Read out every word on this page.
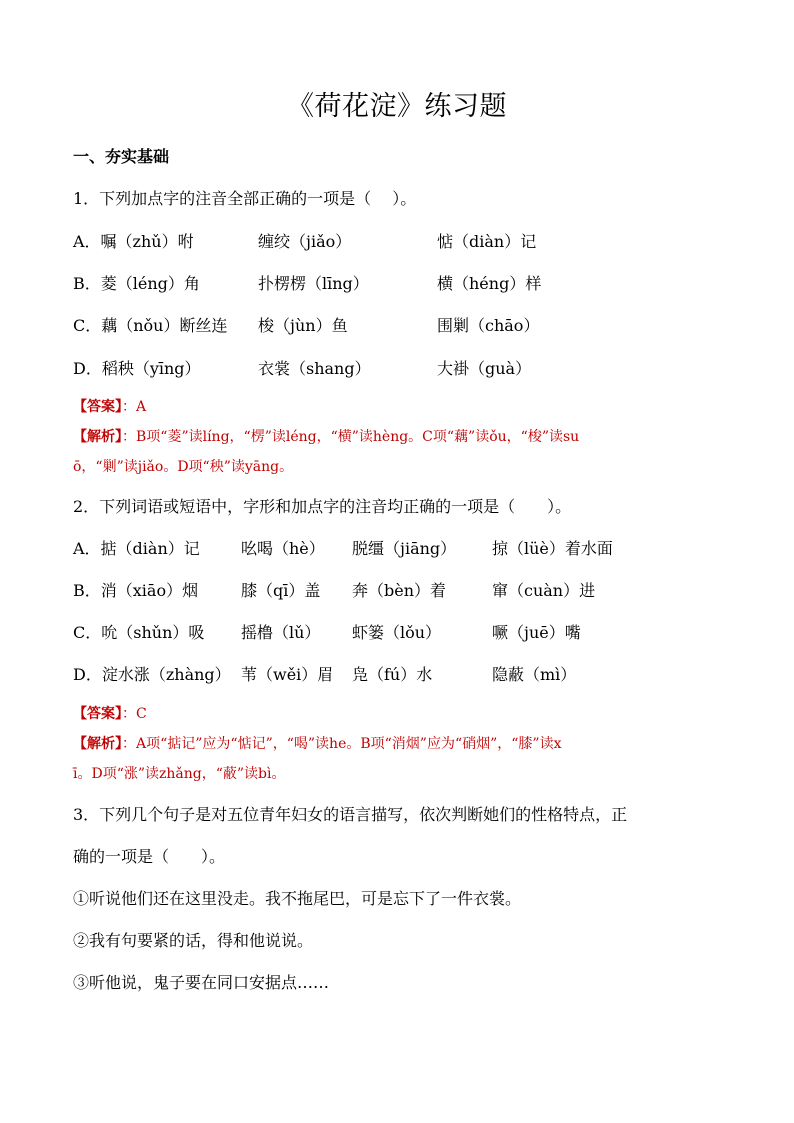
《荷花淀》练习题
一、夯实基础
1．下列加点字的注音全部正确的一项是（　 ）。
A．嘱（zhǔ）咐	缠绞（jiǎo）	惦（diàn）记
B．菱（léng）角	扑楞楞（līng）	横（héng）样
C．藕（nǒu）断丝连 梭（jùn）鱼	围剿（chāo）
D．稻秧（yīng）	衣裳（shang）	大褂（guà）
【答案】：A
【解析】：B项“菱”读líng，“楞”读léng，“横”读hèng。C项“藕”读ǒu，“梭”读su
ō，“剿”读jiǎo。D项“秧”读yāng。
2．下列词语或短语中，字形和加点字的注音均正确的一项是（　　）。
A．掂（diàn）记	吆喝（hè） 脱缰（jiāng） 掠（lüè）着水面
B．消（xiāo）烟	膝（qī）盖 奔（bèn）着	窜（cuàn）进
C．吮（shǔn）吸 摇橹（lǔ） 虾篓（lǒu）	噘（juē）嘴
D．淀水涨（zhàng） 苇（wěi）眉 凫（fú）水	隐蔽（mì）
【答案】：C
【解析】：A项“掂记”应为“惦记”，“喝”读he。B项“消烟”应为“硝烟”，“膝”读x
ī。D项“涨”读zhǎng，“蔽”读bì。
3．下列几个句子是对五位青年妇女的语言描写，依次判断她们的性格特点，正
确的一项是（　　）。
①听说他们还在这里没走。我不拖尾巴，可是忘下了一件衣裳。
②我有句要紧的话，得和他说说。
③听他说，鬼子要在同口安据点……
